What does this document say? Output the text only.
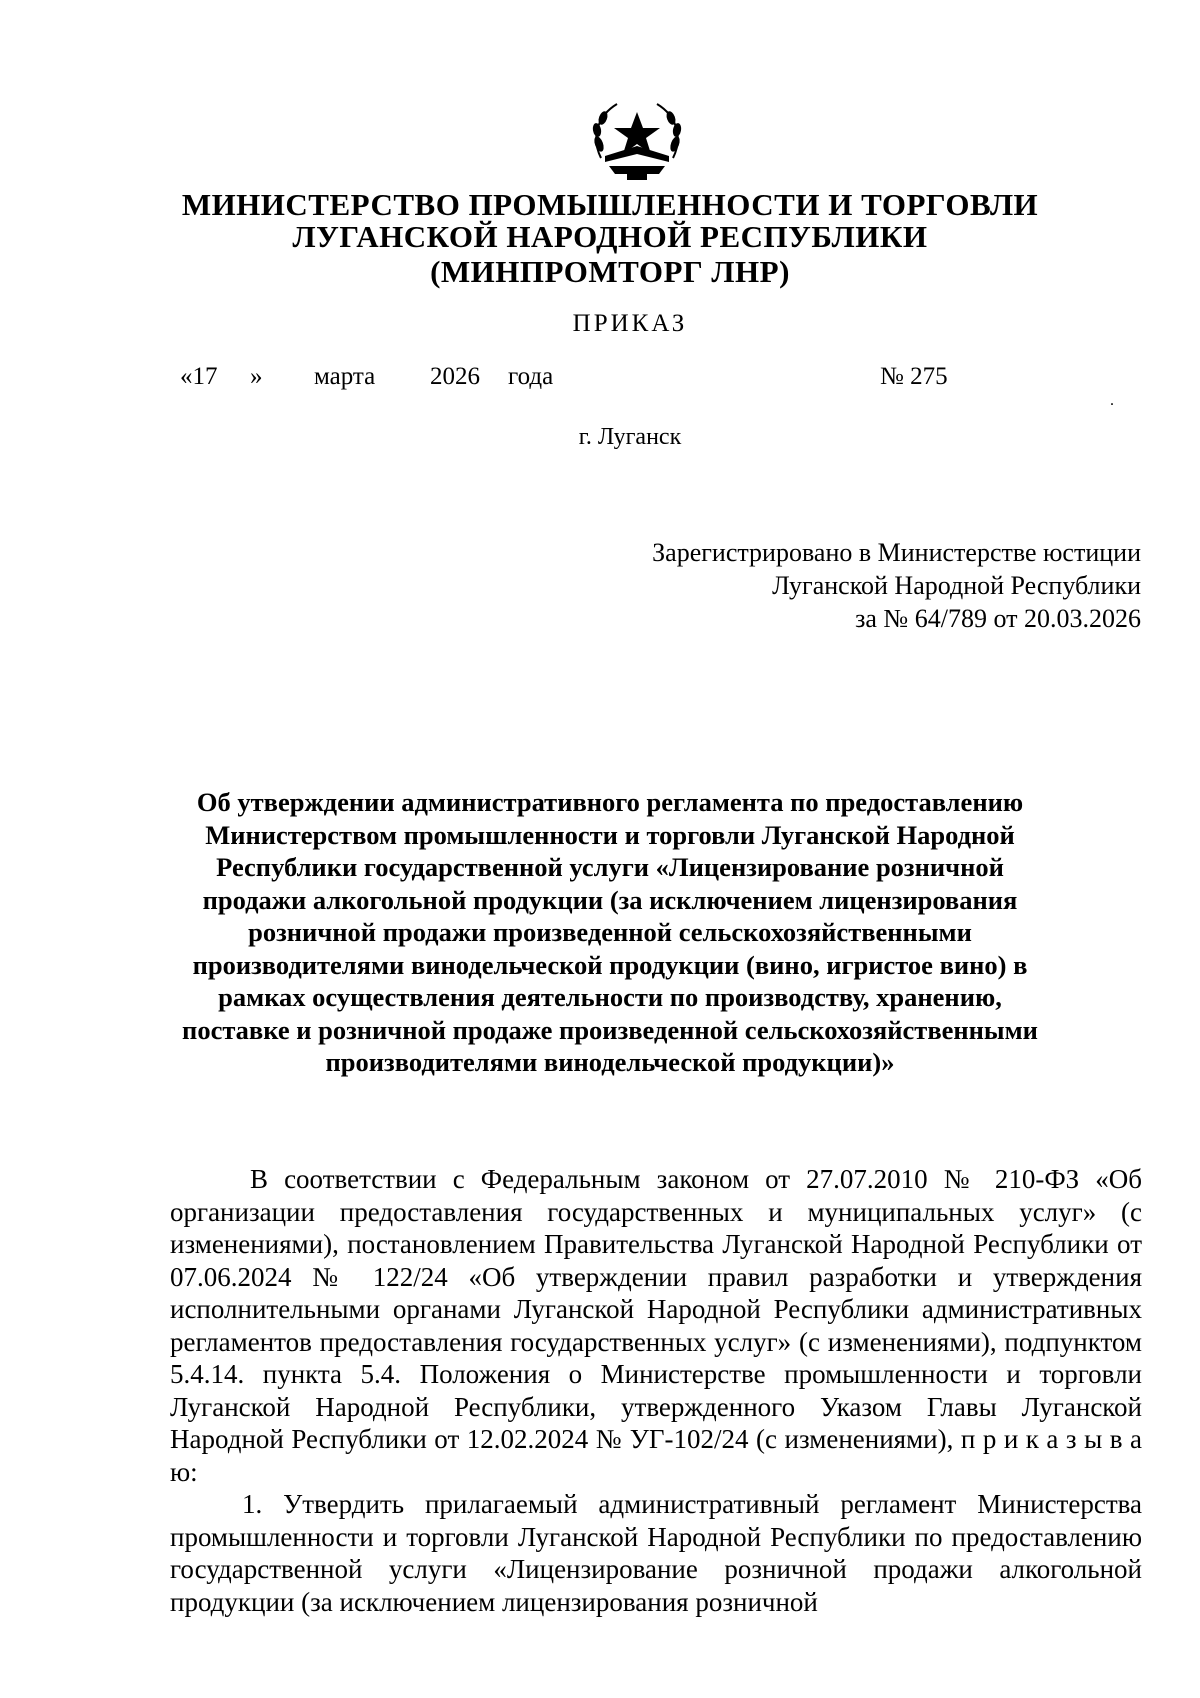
МИНИСТЕРСТВО ПРОМЫШЛЕННОСТИ И ТОРГОВЛИ
ЛУГАНСКОЙ НАРОДНОЙ РЕСПУБЛИКИ
(МИНПРОМТОРГ ЛНР)
ПРИКАЗ
«17 » марта 2026 года	№ 275
.
г. Луганск
Зарегистрировано в Министерстве юстиции
Луганской Народной Республики
за № 64/789 от 20.03.2026
Об утверждении административного регламента по предоставлению Министерством промышленности и торговли Луганской Народной Республики государственной услуги «Лицензирование розничной продажи алкогольной продукции (за исключением лицензирования розничной продажи произведенной сельскохозяйственными производителями винодельческой продукции (вино, игристое вино) в рамках осуществления деятельности по производству, хранению, поставке и розничной продаже произведенной сельскохозяйственными производителями винодельческой продукции)»

В соответствии с Федеральным законом от 27.07.2010 № 210-ФЗ «Об организации предоставления государственных и муниципальных услуг» (с изменениями), постановлением Правительства Луганской Народной Республики от 07.06.2024 № 122/24 «Об утверждении правил разработки и утверждения исполнительными органами Луганской Народной Республики административных регламентов предоставления государственных услуг» (с изменениями), подпунктом 5.4.14. пункта 5.4. Положения о Министерстве промышленности и торговли Луганской Народной Республики, утвержденного Указом Главы Луганской Народной Республики от 12.02.2024 № УГ-102/24 (с изменениями), п р и к а з ы в а ю:

1. Утвердить прилагаемый административный регламент Министерства промышленности и торговли Луганской Народной Республики по предоставлению государственной услуги «Лицензирование розничной продажи алкогольной продукции (за исключением лицензирования розничной
